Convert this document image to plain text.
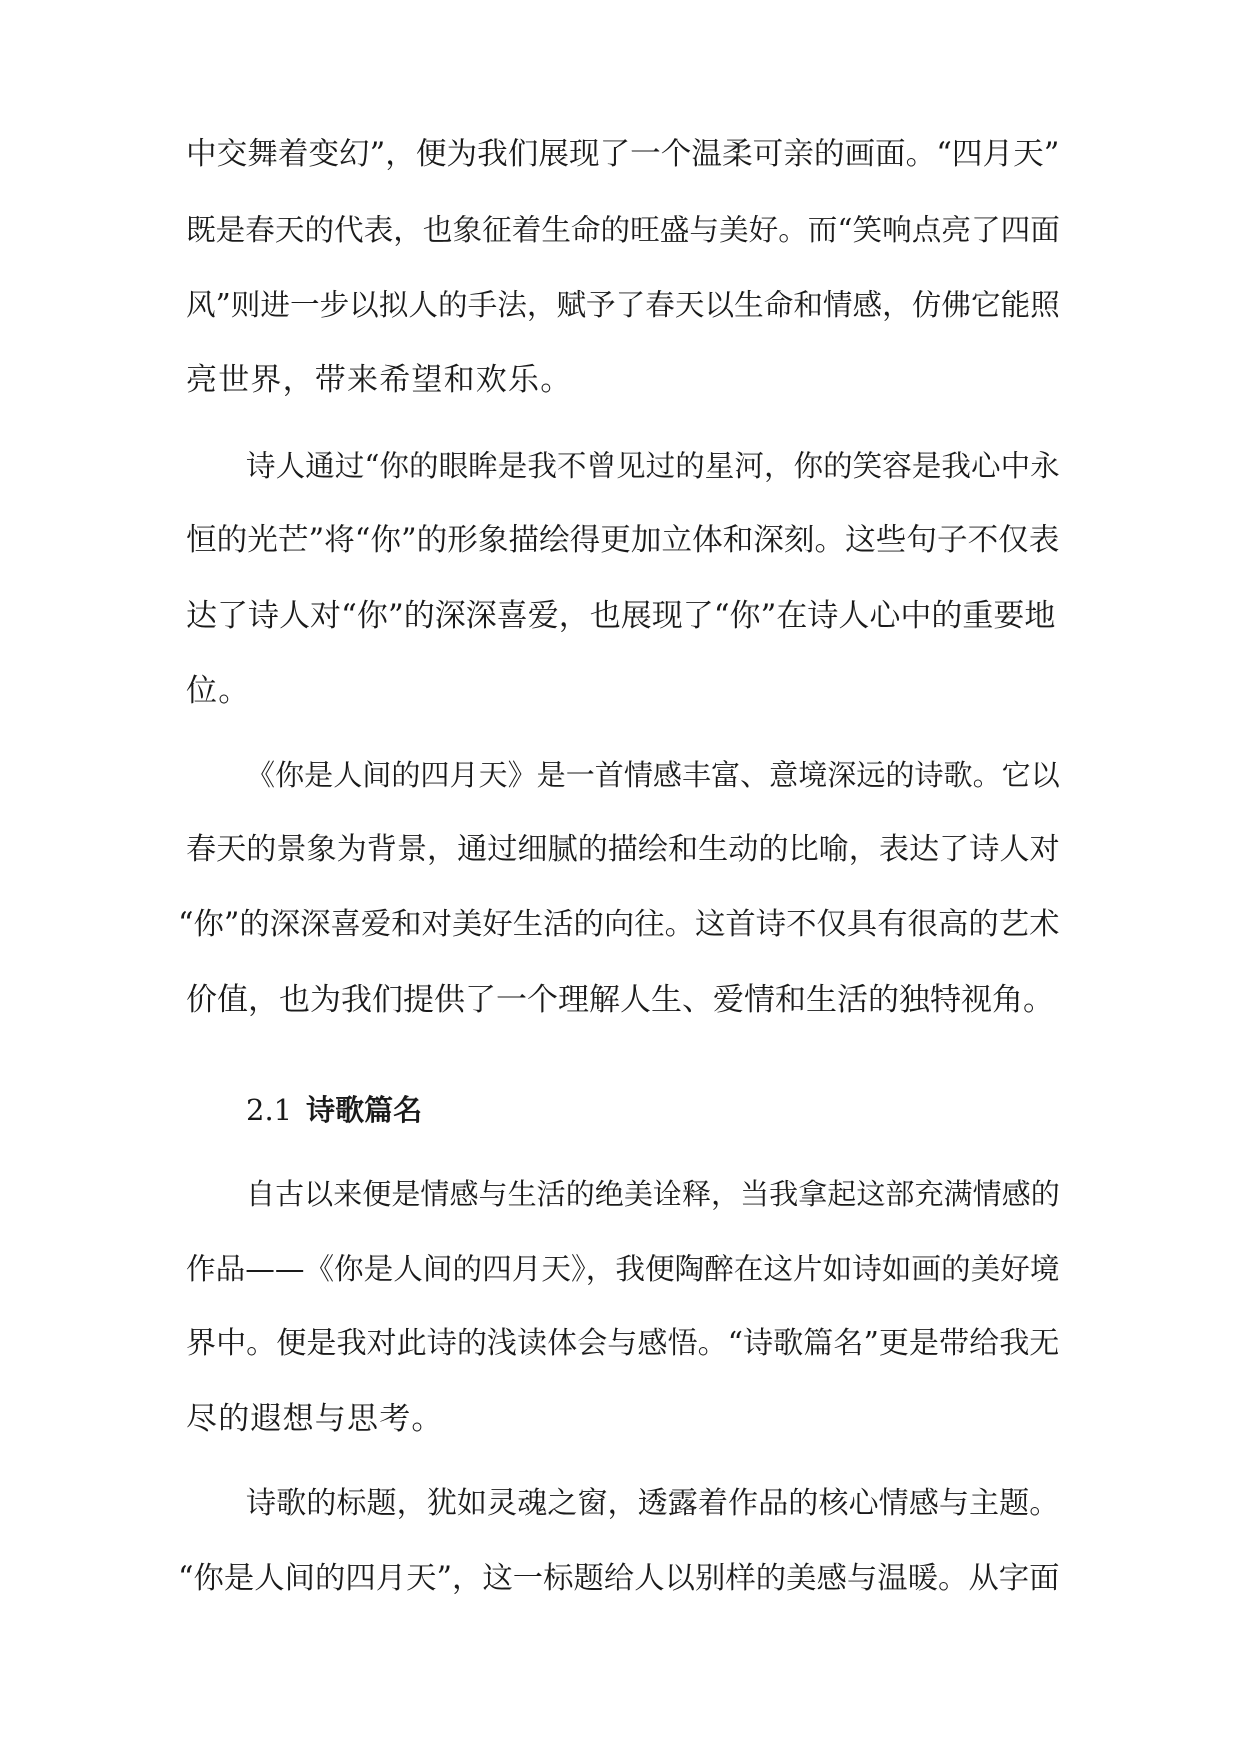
中交舞着变幻”，便为我们展现了一个温柔可亲的画面。“四月天”
既是春天的代表，也象征着生命的旺盛与美好。而“笑响点亮了四面
风”则进一步以拟人的手法，赋予了春天以生命和情感，仿佛它能照
亮世界，带来希望和欢乐。
诗人通过“你的眼眸是我不曾见过的星河，你的笑容是我心中永
恒的光芒”将“你”的形象描绘得更加立体和深刻。这些句子不仅表
达了诗人对“你”的深深喜爱，也展现了“你”在诗人心中的重要地
位。
《你是人间的四月天》是一首情感丰富、意境深远的诗歌。它以
春天的景象为背景，通过细腻的描绘和生动的比喻，表达了诗人对
“你”的深深喜爱和对美好生活的向往。这首诗不仅具有很高的艺术
价值，也为我们提供了一个理解人生、爱情和生活的独特视角。
2.1 诗歌篇名
自古以来便是情感与生活的绝美诠释，当我拿起这部充满情感的
作品——《你是人间的四月天》，我便陶醉在这片如诗如画的美好境
界中。便是我对此诗的浅读体会与感悟。“诗歌篇名”更是带给我无
尽的遐想与思考。
诗歌的标题，犹如灵魂之窗，透露着作品的核心情感与主题。
“你是人间的四月天”，这一标题给人以别样的美感与温暖。从字面
